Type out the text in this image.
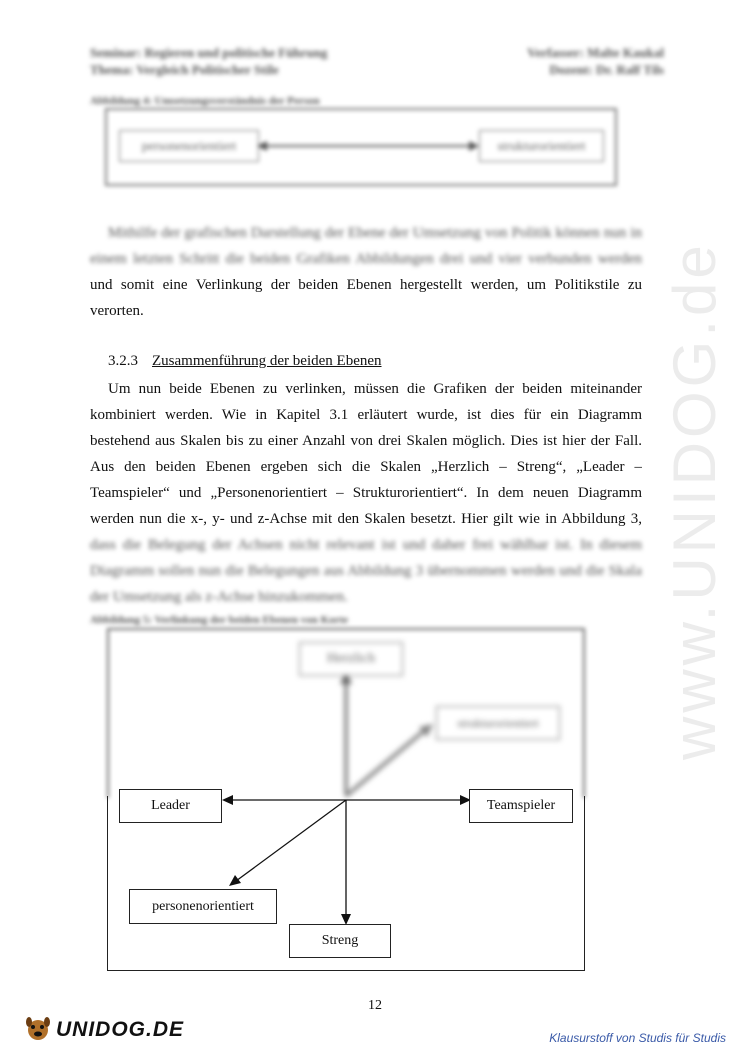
www.UNIDOG.de
Seminar: Regieren und politische Führung
Thema: Vergleich Politischer Stile
Verfasser: Malte Kaukal
Dozent: Dr. Ralf Tils
Abbildung 4: Umsetzungsverständnis der Person
personenorientiert	strukturorientiert
Mithilfe der grafischen Darstellung der Ebene der Umsetzung von Politik können nun in
einem letzten Schritt die beiden Grafiken Abbildungen drei und vier verbunden werden
und somit eine Verlinkung der beiden Ebenen hergestellt werden, um Politikstile zu
verorten.
3.2.3 Zusammenführung der beiden Ebenen
Um nun beide Ebenen zu verlinken, müssen die Grafiken der beiden miteinander
kombiniert werden. Wie in Kapitel 3.1 erläutert wurde, ist dies für ein Diagramm
bestehend aus Skalen bis zu einer Anzahl von drei Skalen möglich. Dies ist hier der Fall.
Aus den beiden Ebenen ergeben sich die Skalen „Herzlich – Streng“, „Leader –
Teamspieler“ und „Personenorientiert – Strukturorientiert“. In dem neuen Diagramm
werden nun die x-, y- und z-Achse mit den Skalen besetzt. Hier gilt wie in Abbildung 3,
dass die Belegung der Achsen nicht relevant ist und daher frei wählbar ist. In diesem
Diagramm sollen nun die Belegungen aus Abbildung 3 übernommen werden und die Skala
der Umsetzung als z-Achse hinzukommen.
Abbildung 5: Verlinkung der beiden Ebenen von Korte
Herzlich
strukturorientiert
Leader	Teamspieler
personenorientiert
Streng
12
UNIDOG.DE	Klausurstoff von Studis für Studis
